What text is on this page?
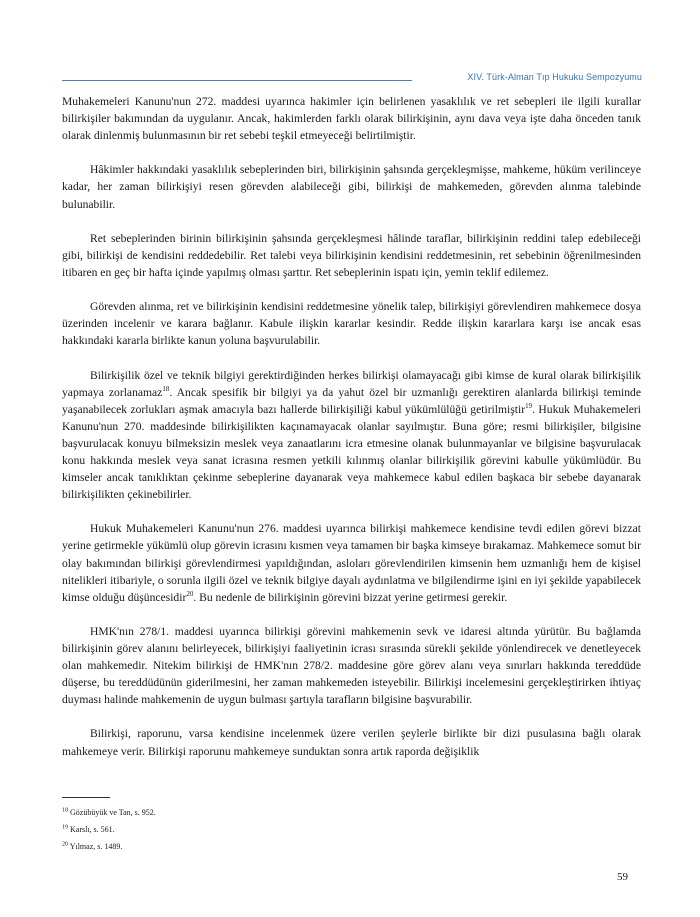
XIV. Türk-Alman Tıp Hukuku Sempozyumu

Muhakemeleri Kanunu'nun 272. maddesi uyarınca hakimler için belirlenen yasaklılık ve ret sebepleri ile ilgili kurallar bilirkişiler bakımından da uygulanır. Ancak, hakimlerden farklı olarak bilirkişinin, aynı dava veya işte daha önceden tanık olarak dinlenmiş bulunmasının bir ret sebebi teşkil etmeyeceği belirtilmiştir.

Hâkimler hakkındaki yasaklılık sebeplerinden biri, bilirkişinin şahsında gerçekleşmişse, mahkeme, hüküm verilinceye kadar, her zaman bilirkişiyi resen görevden alabileceği gibi, bilirkişi de mahkemeden, görevden alınma talebinde bulunabilir.

Ret sebeplerinden birinin bilirkişinin şahsında gerçekleşmesi hâlinde taraflar, bilirkişinin reddini talep edebileceği gibi, bilirkişi de kendisini reddedebilir. Ret talebi veya bilirkişinin kendisini reddetmesinin, ret sebebinin öğrenilmesinden itibaren en geç bir hafta içinde yapılmış olması şarttır. Ret sebeplerinin ispatı için, yemin teklif edilemez.

Görevden alınma, ret ve bilirkişinin kendisini reddetmesine yönelik talep, bilirkişiyi görevlendiren mahkemece dosya üzerinden incelenir ve karara bağlanır. Kabule ilişkin kararlar kesindir. Redde ilişkin kararlara karşı ise ancak esas hakkındaki kararla birlikte kanun yoluna başvurulabilir.

Bilirkişilik özel ve teknik bilgiyi gerektirdiğinden herkes bilirkişi olamayacağı gibi kimse de kural olarak bilirkişilik yapmaya zorlanamaz$^{18}$. Ancak spesifik bir bilgiyi ya da yahut özel bir uzmanlığı gerektiren alanlarda bilirkişi teminde yaşanabilecek zorlukları aşmak amacıyla bazı hallerde bilirkişiliği kabul yükümlülüğü getirilmiştir$^{19}$. Hukuk Muhakemeleri Kanunu'nun 270. maddesinde bilirkişilikten kaçınamayacak olanlar sayılmıştır. Buna göre; resmi bilirkişiler, bilgisine başvurulacak konuyu bilmeksizin meslek veya zanaatlarını icra etmesine olanak bulunmayanlar ve bilgisine başvurulacak konu hakkında meslek veya sanat icrasına resmen yetkili kılınmış olanlar bilirkişilik görevini kabulle yükümlüdür. Bu kimseler ancak tanıklıktan çekinme sebeplerine dayanarak veya mahkemece kabul edilen başkaca bir sebebe dayanarak bilirkişilikten çekinebilirler.

Hukuk Muhakemeleri Kanunu'nun 276. maddesi uyarınca bilirkişi mahkemece kendisine tevdi edilen görevi bizzat yerine getirmekle yükümlü olup görevin icrasını kısmen veya tamamen bir başka kimseye bırakamaz. Mahkemece somut bir olay bakımından bilirkişi görevlendirmesi yapıldığından, asloları görevlendirilen kimsenin hem uzmanlığı hem de kişisel nitelikleri itibariyle, o sorunla ilgili özel ve teknik bilgiye dayalı aydınlatma ve bilgilendirme işini en iyi şekilde yapabilecek kimse olduğu düşüncesidir$^{20}$. Bu nedenle de bilirkişinin görevini bizzat yerine getirmesi gerekir.

HMK'nın 278/1. maddesi uyarınca bilirkişi görevini mahkemenin sevk ve idaresi altında yürütür. Bu bağlamda bilirkişinin görev alanını belirleyecek, bilirkişiyi faaliyetinin icrası sırasında sürekli şekilde yönlendirecek ve denetleyecek olan mahkemedir. Nitekim bilirkişi de HMK'nın 278/2. maddesine göre görev alanı veya sınırları hakkında tereddüde düşerse, bu tereddüdünün giderilmesini, her zaman mahkemeden isteyebilir. Bilirkişi incelemesini gerçekleştirirken ihtiyaç duyması halinde mahkemenin de uygun bulması şartıyla tarafların bilgisine başvurabilir.

Bilirkişi, raporunu, varsa kendisine incelenmek üzere verilen şeylerle birlikte bir dizi pusulasına bağlı olarak mahkemeye verir. Bilirkişi raporunu mahkemeye sunduktan sonra artık raporda değişiklik

$^{18}$ Gözübüyük ve Tan, s. 952.
$^{19}$ Karslı, s. 561.
$^{20}$ Yılmaz, s. 1489.
59
